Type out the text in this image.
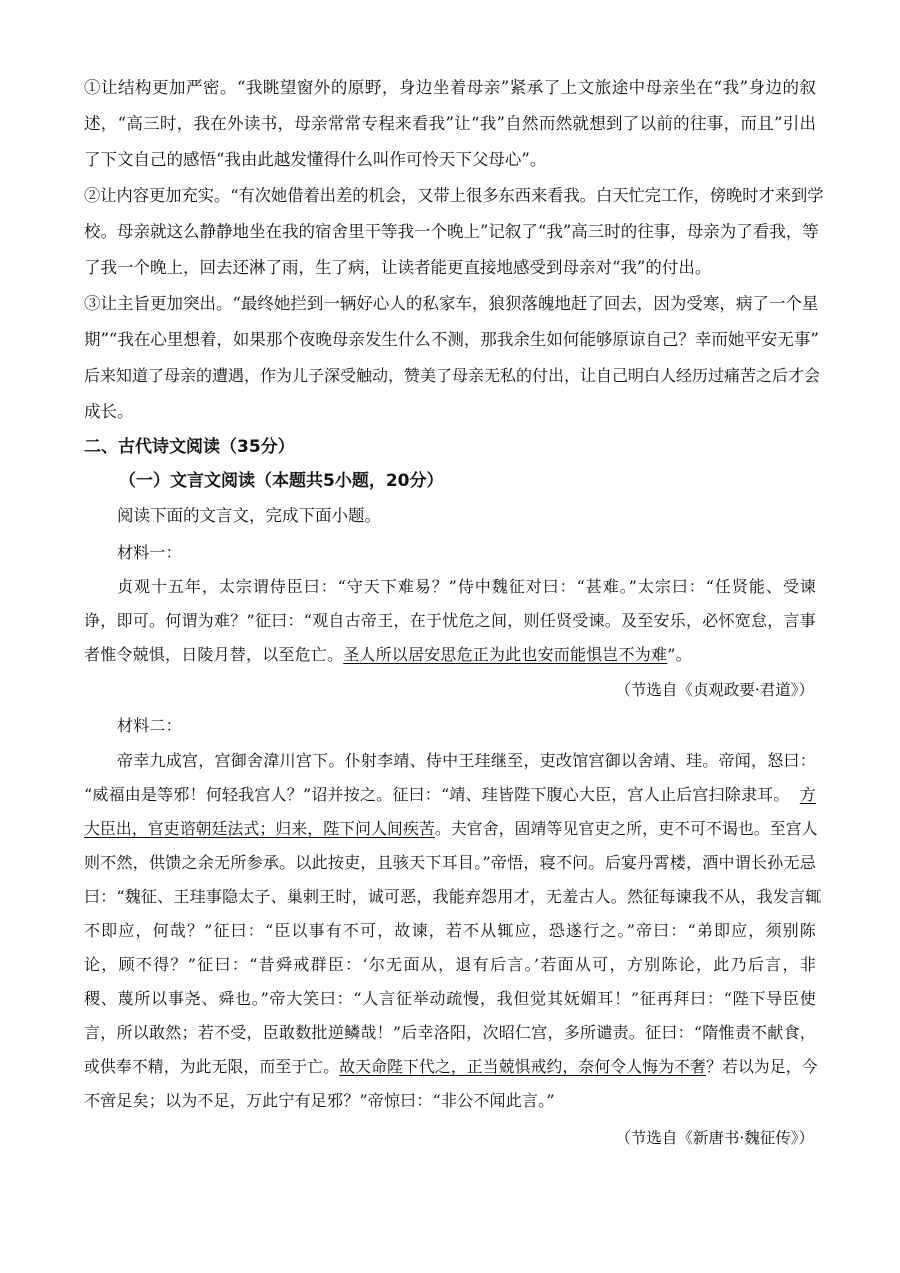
①让结构更加严密。“我眺望窗外的原野，身边坐着母亲”紧承了上文旅途中母亲坐在“我”身边的叙
述，“高三时，我在外读书，母亲常常专程来看我”让“我”自然而然就想到了以前的往事，而且”引出
了下文自己的感悟“我由此越发懂得什么叫作可怜天下父母心”。
②让内容更加充实。“有次她借着出差的机会，又带上很多东西来看我。白天忙完工作，傍晚时才来到学
校。母亲就这么静静地坐在我的宿舍里干等我一个晚上”记叙了“我”高三时的往事，母亲为了看我，等
了我一个晚上，回去还淋了雨，生了病，让读者能更直接地感受到母亲对“我”的付出。
③让主旨更加突出。“最终她拦到一辆好心人的私家车，狼狈落魄地赶了回去，因为受寒，病了一个星
期”“我在心里想着，如果那个夜晚母亲发生什么不测，那我余生如何能够原谅自己？幸而她平安无事”
后来知道了母亲的遭遇，作为儿子深受触动，赞美了母亲无私的付出，让自己明白人经历过痛苦之后才会
成长。
二、古代诗文阅读（35分）
（一）文言文阅读（本题共5小题，20分）
阅读下面的文言文，完成下面小题。
材料一：
贞观十五年，太宗谓侍臣曰：“守天下难易？”侍中魏征对曰：“甚难。”太宗曰：“任贤能、受谏
诤，即可。何谓为难？”征曰：“观自古帝王，在于忧危之间，则任贤受谏。及至安乐，必怀宽怠，言事
者惟令兢惧，日陵月替，以至危亡。圣人所以居安思危正为此也安而能惧岂不为难”。
（节选自《贞观政要·君道》）
材料二：
帝幸九成宫，宫御舍湋川宫下。仆射李靖、侍中王珪继至，吏改馆宫御以舍靖、珪。帝闻，怒曰：
“威福由是等邪！何轻我宫人？”诏并按之。征曰：“靖、珪皆陛下腹心大臣，宫人止后宫扫除隶耳。 方
大臣出，官吏谘朝廷法式；归来，陛下问人间疾苦。夫官舍，固靖等见官吏之所，吏不可不谒也。至宫人
则不然，供馈之余无所参承。以此按吏，且骇天下耳目。”帝悟，寝不问。后宴丹霄楼，酒中谓长孙无忌
曰：“魏征、王珪事隐太子、巢剌王时，诚可恶，我能弃怨用才，无羞古人。然征每谏我不从，我发言辄
不即应，何哉？”征曰：“臣以事有不可，故谏，若不从辄应，恐遂行之。”帝曰：“弟即应，须别陈
论，顾不得？”征曰：“昔舜戒群臣：‘尔无面从，退有后言。’若面从可，方别陈论，此乃后言，非
稷、蔑所以事尧、舜也。”帝大笑曰：“人言征举动疏慢，我但觉其妩媚耳！”征再拜曰：“陛下导臣使
言，所以敢然；若不受，臣敢数批逆鳞哉！”后幸洛阳，次昭仁宫，多所谴责。征曰：“隋惟责不献食，
或供奉不精，为此无限，而至于亡。故天命陛下代之，正当兢惧戒约，奈何令人悔为不奢？若以为足，今
不啻足矣；以为不足，万此宁有足邪？”帝惊曰：“非公不闻此言。”
（节选自《新唐书·魏征传》）
